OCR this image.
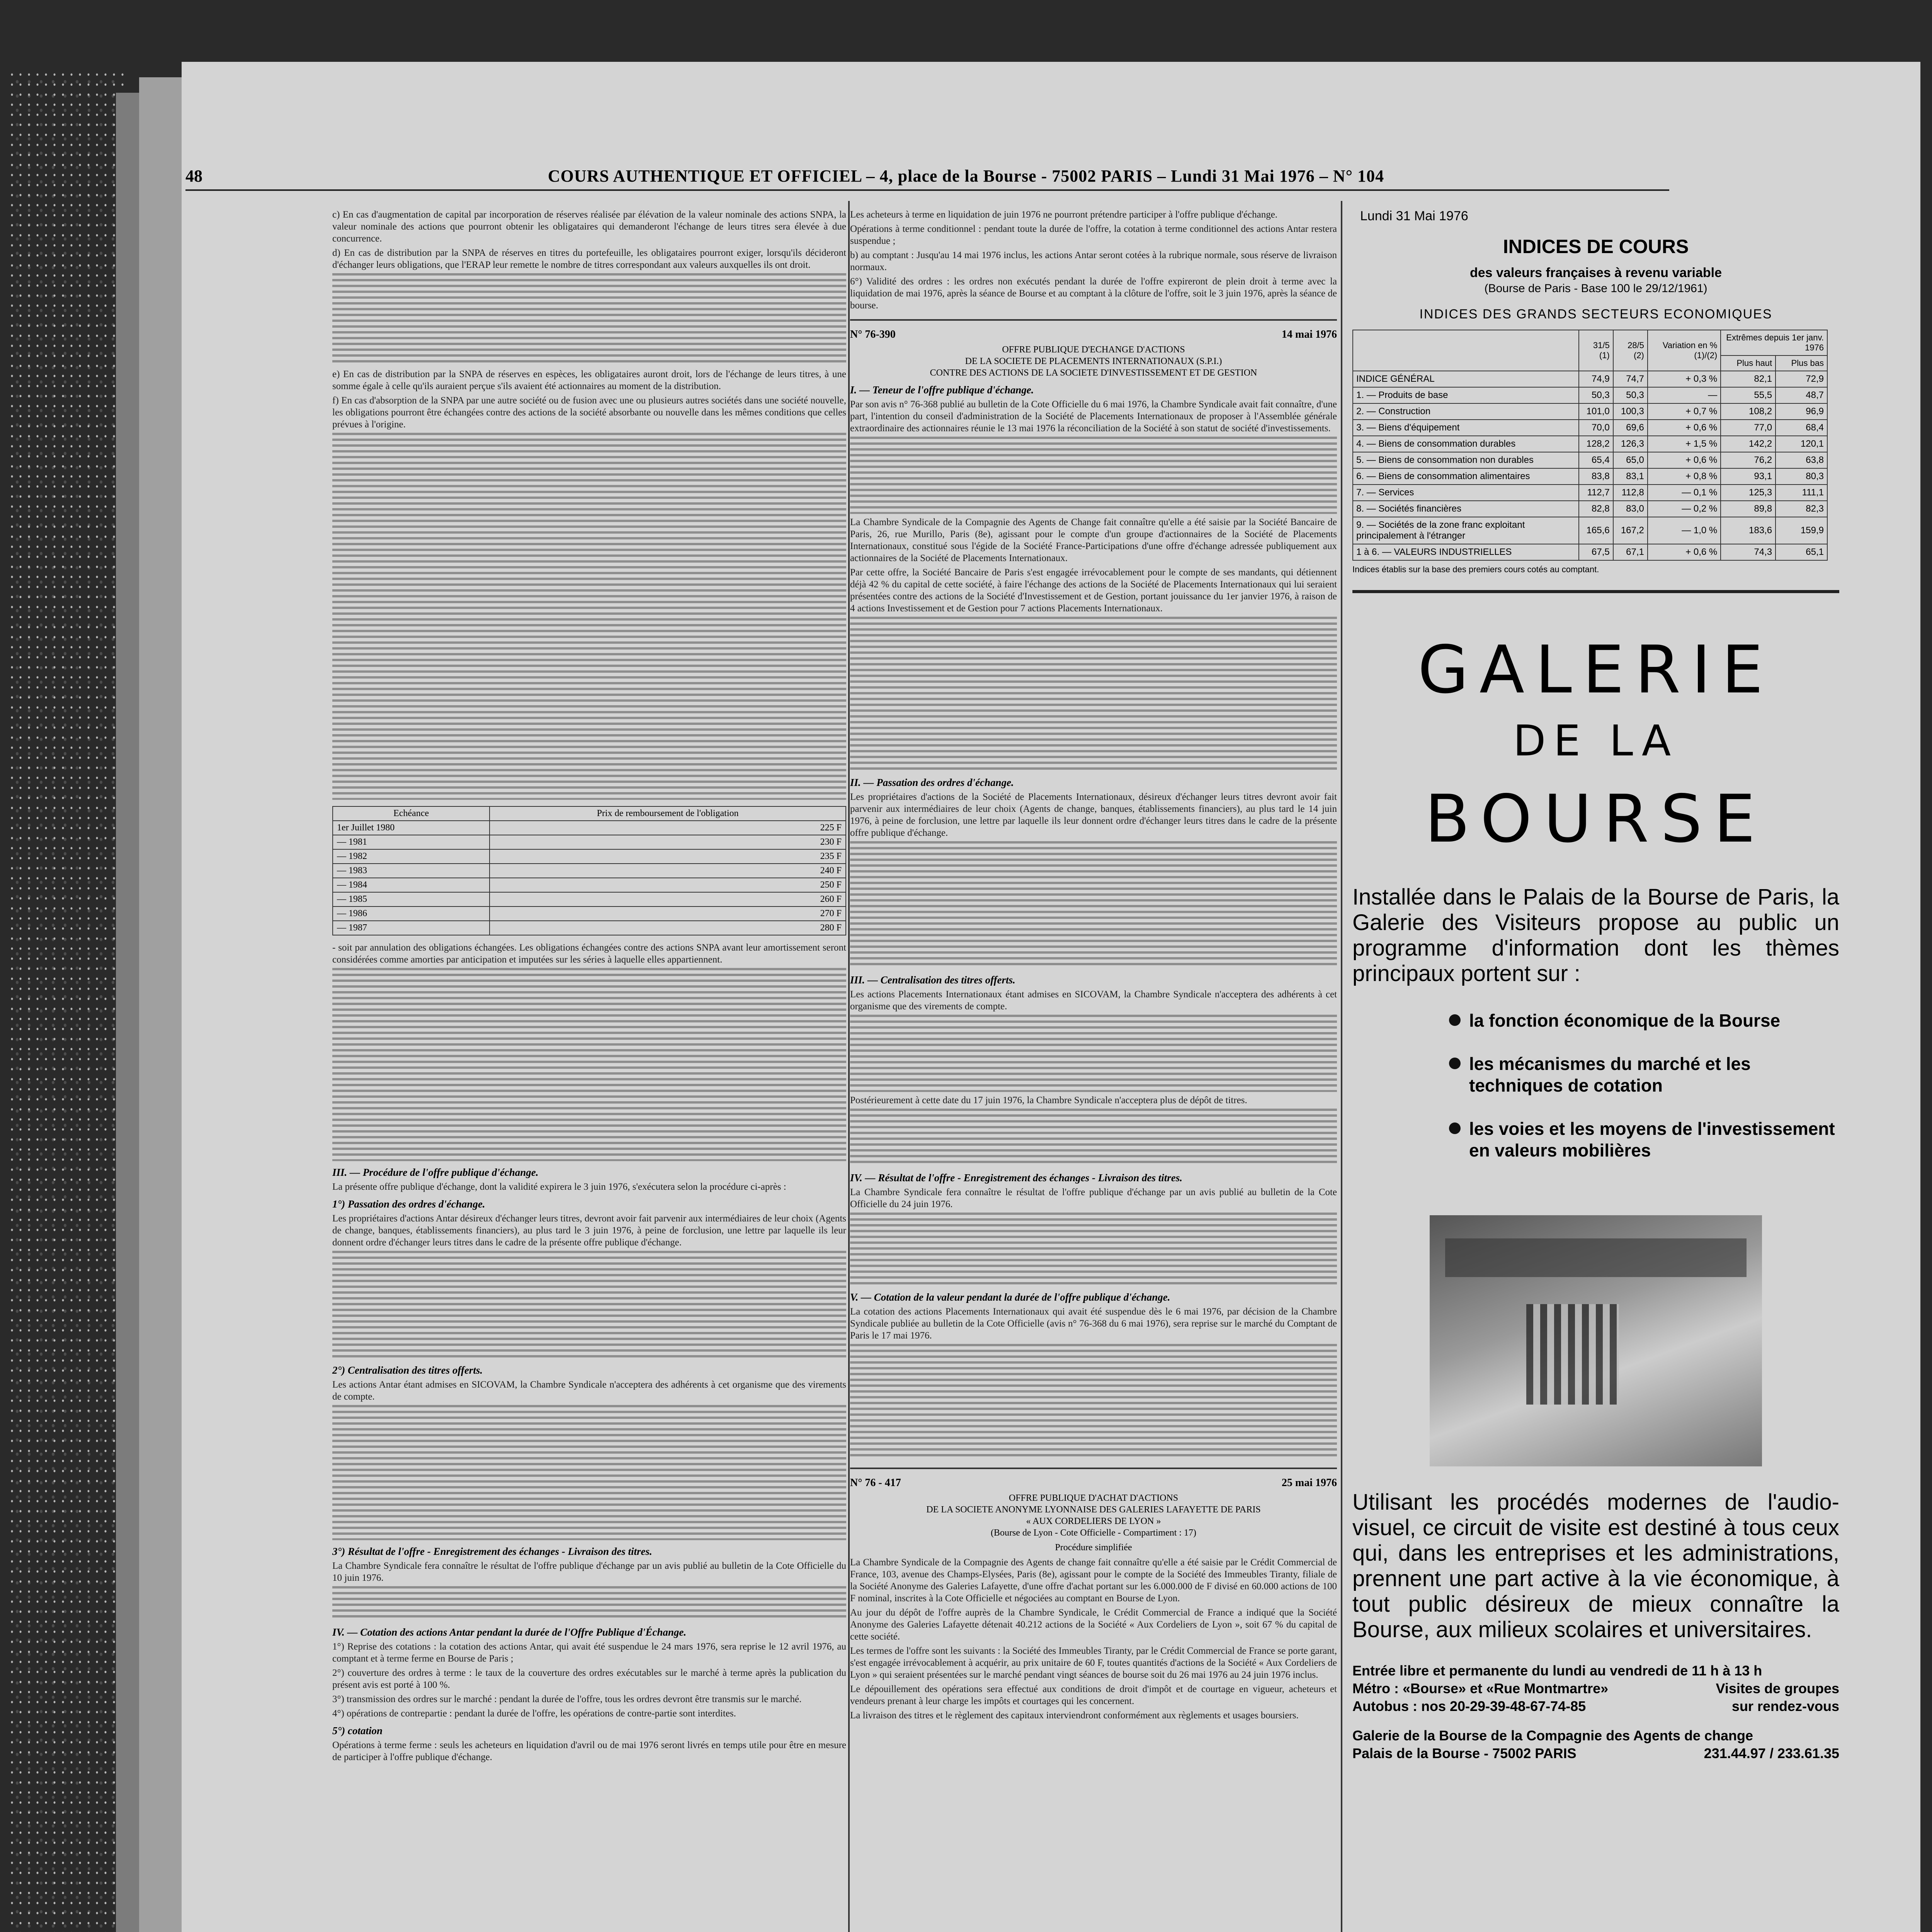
48	COURS AUTHENTIQUE ET OFFICIEL – 4, place de la Bourse - 75002 PARIS – Lundi 31 Mai 1976 – N° 104

c) En cas d'augmentation de capital par incorporation de réserves réalisée par élévation de la valeur nominale des actions SNPA, la valeur nominale des actions que pourront obtenir les obligataires qui demanderont l'échange de leurs titres sera élevée à due concurrence.

d) En cas de distribution par la SNPA de réserves en titres du portefeuille, les obligataires pourront exiger, lorsqu'ils décideront d'échanger leurs obligations, que l'ERAP leur remette le nombre de titres correspondant aux valeurs auxquelles ils ont droit.

e) En cas de distribution par la SNPA de réserves en espèces, les obligataires auront droit, lors de l'échange de leurs titres, à une somme égale à celle qu'ils auraient perçue s'ils avaient été actionnaires au moment de la distribution.

f) En cas d'absorption de la SNPA par une autre société ou de fusion avec une ou plusieurs autres sociétés dans une société nouvelle, les obligations pourront être échangées contre des actions de la société absorbante ou nouvelle dans les mêmes conditions que celles prévues à l'origine.

Echéance	Prix de remboursement de l'obligation
1er Juillet 1980	225 F
— 1981	230 F
— 1982	235 F
— 1983	240 F
— 1984	250 F
— 1985	260 F
— 1986	270 F
— 1987	280 F

- soit par annulation des obligations échangées. Les obligations échangées contre des actions SNPA avant leur amortissement seront considérées comme amorties par anticipation et imputées sur les séries à laquelle elles appartiennent.

III. — Procédure de l'offre publique d'échange.

La présente offre publique d'échange, dont la validité expirera le 3 juin 1976, s'exécutera selon la procédure ci-après :

1°) Passation des ordres d'échange.

Les propriétaires d'actions Antar désireux d'échanger leurs titres, devront avoir fait parvenir aux intermédiaires de leur choix (Agents de change, banques, établissements financiers), au plus tard le 3 juin 1976, à peine de forclusion, une lettre par laquelle ils leur donnent ordre d'échanger leurs titres dans le cadre de la présente offre publique d'échange.

2°) Centralisation des titres offerts.

Les actions Antar étant admises en SICOVAM, la Chambre Syndicale n'acceptera des adhérents à cet organisme que des virements de compte.

3°) Résultat de l'offre - Enregistrement des échanges - Livraison des titres.

La Chambre Syndicale fera connaître le résultat de l'offre publique d'échange par un avis publié au bulletin de la Cote Officielle du 10 juin 1976.

IV. — Cotation des actions Antar pendant la durée de l'Offre Publique d'Échange.

1°) Reprise des cotations : la cotation des actions Antar, qui avait été suspendue le 24 mars 1976, sera reprise le 12 avril 1976, au comptant et à terme ferme en Bourse de Paris ;

2°) couverture des ordres à terme : le taux de la couverture des ordres exécutables sur le marché à terme après la publication du présent avis est porté à 100 %.

3°) transmission des ordres sur le marché : pendant la durée de l'offre, tous les ordres devront être transmis sur le marché.

4°) opérations de contrepartie : pendant la durée de l'offre, les opérations de contre-partie sont interdites.

5°) cotation

Opérations à terme ferme : seuls les acheteurs en liquidation d'avril ou de mai 1976 seront livrés en temps utile pour être en mesure de participer à l'offre publique d'échange.

Les acheteurs à terme en liquidation de juin 1976 ne pourront prétendre participer à l'offre publique d'échange.

Opérations à terme conditionnel : pendant toute la durée de l'offre, la cotation à terme conditionnel des actions Antar restera suspendue ;

b) au comptant : Jusqu'au 14 mai 1976 inclus, les actions Antar seront cotées à la rubrique normale, sous réserve de livraison normaux.

6°) Validité des ordres : les ordres non exécutés pendant la durée de l'offre expireront de plein droit à terme avec la liquidation de mai 1976, après la séance de Bourse et au comptant à la clôture de l'offre, soit le 3 juin 1976, après la séance de bourse.

N° 76-390	14 mai 1976
OFFRE PUBLIQUE D'ECHANGE D'ACTIONS
DE LA SOCIETE DE PLACEMENTS INTERNATIONAUX (S.P.I.)
CONTRE DES ACTIONS DE LA SOCIETE D'INVESTISSEMENT ET DE GESTION
I. — Teneur de l'offre publique d'échange.

Par son avis n° 76-368 publié au bulletin de la Cote Officielle du 6 mai 1976, la Chambre Syndicale avait fait connaître, d'une part, l'intention du conseil d'administration de la Société de Placements Internationaux de proposer à l'Assemblée générale extraordinaire des actionnaires réunie le 13 mai 1976 la réconciliation de la Société à son statut de société d'investissements.

La Chambre Syndicale de la Compagnie des Agents de Change fait connaître qu'elle a été saisie par la Société Bancaire de Paris, 26, rue Murillo, Paris (8e), agissant pour le compte d'un groupe d'actionnaires de la Société de Placements Internationaux, constitué sous l'égide de la Société France-Participations d'une offre d'échange adressée publiquement aux actionnaires de la Société de Placements Internationaux.

Par cette offre, la Société Bancaire de Paris s'est engagée irrévocablement pour le compte de ses mandants, qui détiennent déjà 42 % du capital de cette société, à faire l'échange des actions de la Société de Placements Internationaux qui lui seraient présentées contre des actions de la Société d'Investissement et de Gestion, portant jouissance du 1er janvier 1976, à raison de 4 actions Investissement et de Gestion pour 7 actions Placements Internationaux.

II. — Passation des ordres d'échange.

Les propriétaires d'actions de la Société de Placements Internationaux, désireux d'échanger leurs titres devront avoir fait parvenir aux intermédiaires de leur choix (Agents de change, banques, établissements financiers), au plus tard le 14 juin 1976, à peine de forclusion, une lettre par laquelle ils leur donnent ordre d'échanger leurs titres dans le cadre de la présente offre publique d'échange.

III. — Centralisation des titres offerts.

Les actions Placements Internationaux étant admises en SICOVAM, la Chambre Syndicale n'acceptera des adhérents à cet organisme que des virements de compte.

Postérieurement à cette date du 17 juin 1976, la Chambre Syndicale n'acceptera plus de dépôt de titres.

IV. — Résultat de l'offre - Enregistrement des échanges - Livraison des titres.

La Chambre Syndicale fera connaître le résultat de l'offre publique d'échange par un avis publié au bulletin de la Cote Officielle du 24 juin 1976.

V. — Cotation de la valeur pendant la durée de l'offre publique d'échange.

La cotation des actions Placements Internationaux qui avait été suspendue dès le 6 mai 1976, par décision de la Chambre Syndicale publiée au bulletin de la Cote Officielle (avis n° 76-368 du 6 mai 1976), sera reprise sur le marché du Comptant de Paris le 17 mai 1976.

N° 76 - 417	25 mai 1976
OFFRE PUBLIQUE D'ACHAT D'ACTIONS
DE LA SOCIETE ANONYME LYONNAISE DES GALERIES LAFAYETTE DE PARIS
« AUX CORDELIERS DE LYON »
(Bourse de Lyon - Cote Officielle - Compartiment : 17)
Procédure simplifiée

La Chambre Syndicale de la Compagnie des Agents de change fait connaître qu'elle a été saisie par le Crédit Commercial de France, 103, avenue des Champs-Elysées, Paris (8e), agissant pour le compte de la Société des Immeubles Tiranty, filiale de la Société Anonyme des Galeries Lafayette, d'une offre d'achat portant sur les 6.000.000 de F divisé en 60.000 actions de 100 F nominal, inscrites à la Cote Officielle et négociées au comptant en Bourse de Lyon.

Au jour du dépôt de l'offre auprès de la Chambre Syndicale, le Crédit Commercial de France a indiqué que la Société Anonyme des Galeries Lafayette détenait 40.212 actions de la Société « Aux Cordeliers de Lyon », soit 67 % du capital de cette société.

Les termes de l'offre sont les suivants : la Société des Immeubles Tiranty, par le Crédit Commercial de France se porte garant, s'est engagée irrévocablement à acquérir, au prix unitaire de 60 F, toutes quantités d'actions de la Société « Aux Cordeliers de Lyon » qui seraient présentées sur le marché pendant vingt séances de bourse soit du 26 mai 1976 au 24 juin 1976 inclus.

Le dépouillement des opérations sera effectué aux conditions de droit d'impôt et de courtage en vigueur, acheteurs et vendeurs prenant à leur charge les impôts et courtages qui les concernent.

La livraison des titres et le règlement des capitaux interviendront conformément aux règlements et usages boursiers.

Lundi 31 Mai 1976
INDICES DE COURS
des valeurs françaises à revenu variable
(Bourse de Paris - Base 100 le 29/12/1961)
INDICES DES GRANDS SECTEURS ECONOMIQUES
	31/5 (1)	28/5 (2)	Variation en % (1)/(2)	Extrêmes depuis 1er janv. 1976	
				Plus haut	Plus bas
INDICE GÉNÉRAL	74,9	74,7	+ 0,3 %	82,1	72,9
1. — Produits de base	50,3	50,3	—	55,5	48,7
2. — Construction	101,0	100,3	+ 0,7 %	108,2	96,9
3. — Biens d'équipement	70,0	69,6	+ 0,6 %	77,0	68,4
4. — Biens de consommation durables	128,2	126,3	+ 1,5 %	142,2	120,1
5. — Biens de consommation non durables	65,4	65,0	+ 0,6 %	76,2	63,8
6. — Biens de consommation alimentaires	83,8	83,1	+ 0,8 %	93,1	80,3
7. — Services	112,7	112,8	— 0,1 %	125,3	111,1
8. — Sociétés financières	82,8	83,0	— 0,2 %	89,8	82,3
9. — Sociétés de la zone franc exploitant principalement à l'étranger	165,6	167,2	— 1,0 %	183,6	159,9
1 à 6. — VALEURS INDUSTRIELLES	67,5	67,1	+ 0,6 %	74,3	65,1
Indices établis sur la base des premiers cours cotés au comptant.
GALERIE
DE LA
BOURSE
Installée dans le Palais de la Bourse de Paris, la Galerie des Visiteurs propose au public un programme d'information dont les thèmes principaux portent sur :
la fonction économique de la Bourse
les mécanismes du marché et les techniques de cotation
les voies et les moyens de l'investissement en valeurs mobilières
Utilisant les procédés modernes de l'audio-visuel, ce circuit de visite est destiné à tous ceux qui, dans les entreprises et les administrations, prennent une part active à la vie économique, à tout public désireux de mieux connaître la Bourse, aux milieux scolaires et universitaires.
Entrée libre et permanente du lundi au vendredi de 11 h à 13 h
Métro : «Bourse» et «Rue Montmartre»	Visites de groupes
Autobus : nos 20-29-39-48-67-74-85	sur rendez-vous
Galerie de la Bourse de la Compagnie des Agents de change
Palais de la Bourse - 75002 PARIS	231.44.97 / 233.61.35
